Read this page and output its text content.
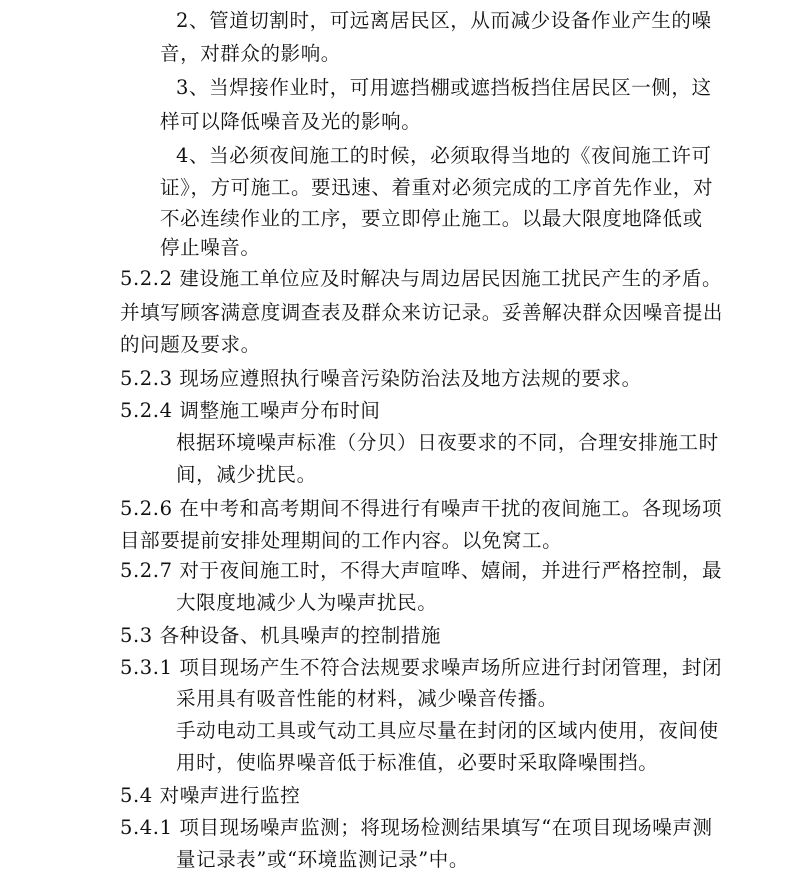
2、管道切割时，可远离居民区，从而减少设备作业产生的噪
音，对群众的影响。
3、当焊接作业时，可用遮挡棚或遮挡板挡住居民区一侧，这
样可以降低噪音及光的影响。
4、当必须夜间施工的时候，必须取得当地的《夜间施工许可
证》，方可施工。要迅速、着重对必须完成的工序首先作业，对
不必连续作业的工序，要立即停止施工。以最大限度地降低或
停止噪音。
5.2.2 建设施工单位应及时解决与周边居民因施工扰民产生的矛盾。
并填写顾客满意度调查表及群众来访记录。妥善解决群众因噪音提出
的问题及要求。
5.2.3 现场应遵照执行噪音污染防治法及地方法规的要求。
5.2.4 调整施工噪声分布时间
根据环境噪声标准（分贝）日夜要求的不同，合理安排施工时
间，减少扰民。
5.2.6 在中考和高考期间不得进行有噪声干扰的夜间施工。各现场项
目部要提前安排处理期间的工作内容。以免窝工。
5.2.7 对于夜间施工时，不得大声喧哗、嬉闹，并进行严格控制，最
大限度地减少人为噪声扰民。
5.3 各种设备、机具噪声的控制措施
5.3.1 项目现场产生不符合法规要求噪声场所应进行封闭管理，封闭
采用具有吸音性能的材料，减少噪音传播。
手动电动工具或气动工具应尽量在封闭的区域内使用，夜间使
用时，使临界噪音低于标准值，必要时采取降噪围挡。
5.4 对噪声进行监控
5.4.1 项目现场噪声监测；将现场检测结果填写“在项目现场噪声测
量记录表”或“环境监测记录”中。
